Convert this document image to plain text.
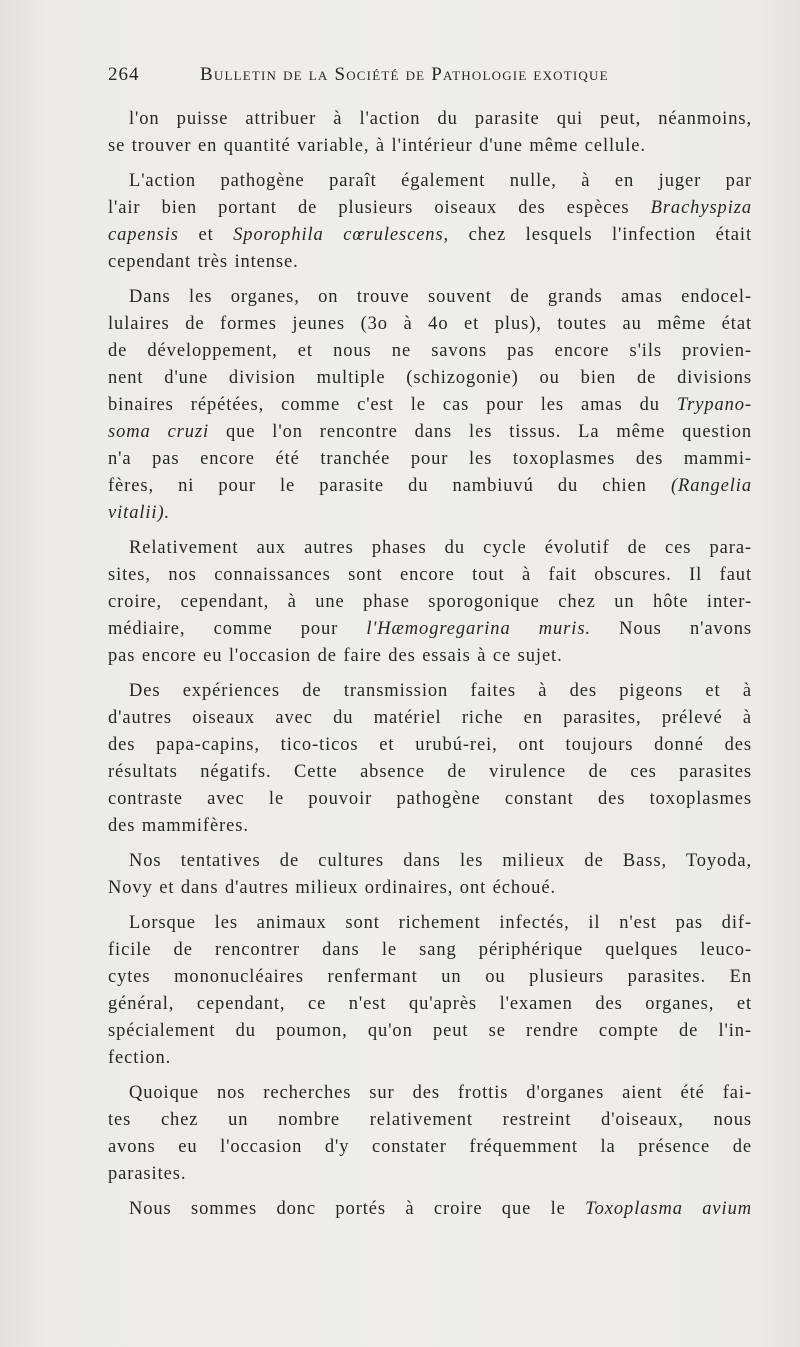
264	Bulletin de la Société de Pathologie exotique
l'on puisse attribuer à l'action du parasite qui peut, néanmoins,
se trouver en quantité variable, à l'intérieur d'une même cellule.
L'action pathogène paraît également nulle, à en juger par
l'air bien portant de plusieurs oiseaux des espèces Brachyspiza
capensis et Sporophila cœrulescens, chez lesquels l'infection était
cependant très intense.
Dans les organes, on trouve souvent de grands amas endocel-
lulaires de formes jeunes (3o à 4o et plus), toutes au même état
de développement, et nous ne savons pas encore s'ils provien-
nent d'une division multiple (schizogonie) ou bien de divisions
binaires répétées, comme c'est le cas pour les amas du Trypano-
soma cruzi que l'on rencontre dans les tissus. La même question
n'a pas encore été tranchée pour les toxoplasmes des mammi-
fères, ni pour le parasite du nambiuvú du chien (Rangelia
vitalii).
Relativement aux autres phases du cycle évolutif de ces para-
sites, nos connaissances sont encore tout à fait obscures. Il faut
croire, cependant, à une phase sporogonique chez un hôte inter-
médiaire, comme pour l'Hæmogregarina muris. Nous n'avons
pas encore eu l'occasion de faire des essais à ce sujet.
Des expériences de transmission faites à des pigeons et à
d'autres oiseaux avec du matériel riche en parasites, prélevé à
des papa-capins, tico-ticos et urubú-rei, ont toujours donné des
résultats négatifs. Cette absence de virulence de ces parasites
contraste avec le pouvoir pathogène constant des toxoplasmes
des mammifères.
Nos tentatives de cultures dans les milieux de Bass, Toyoda,
Novy et dans d'autres milieux ordinaires, ont échoué.
Lorsque les animaux sont richement infectés, il n'est pas dif-
ficile de rencontrer dans le sang périphérique quelques leuco-
cytes mononucléaires renfermant un ou plusieurs parasites. En
général, cependant, ce n'est qu'après l'examen des organes, et
spécialement du poumon, qu'on peut se rendre compte de l'in-
fection.
Quoique nos recherches sur des frottis d'organes aient été fai-
tes chez un nombre relativement restreint d'oiseaux, nous
avons eu l'occasion d'y constater fréquemment la présence de
parasites.
Nous sommes donc portés à croire que le Toxoplasma avium
